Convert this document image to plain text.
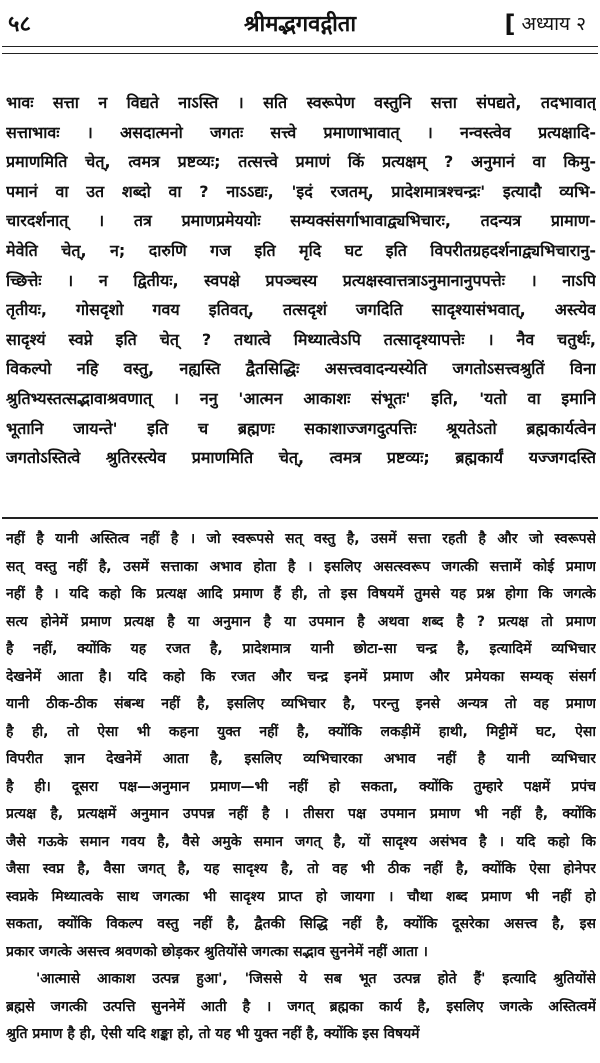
५८	श्रीमद्भगवद्गीता	[ अध्याय २
भावः सत्ता न विद्यते नाऽस्ति । सति स्वरूपेण वस्तुनि सत्ता संपद्यते, तदभावात्
सत्ताभावः । असदात्मनो जगतः सत्त्वे प्रमाणाभावात् । नन्वस्त्वेव प्रत्यक्षादि-
प्रमाणमिति चेत्, त्वमत्र प्रष्टव्यः; तत्सत्त्वे प्रमाणं किं प्रत्यक्षम् ? अनुमानं वा किमु-
पमानं वा उत शब्दो वा ? नाऽऽद्यः, 'इदं रजतम्, प्रादेशमात्रश्चन्द्रः' इत्यादौ व्यभि-
चारदर्शनात् । तत्र प्रमाणप्रमेययोः सम्यक्संसर्गाभावाद्व्यभिचारः, तदन्यत्र प्रामाण-
मेवेति चेत्, न; दारुणि गज इति मृदि घट इति विपरीतग्रहदर्शनाद्व्यभिचारानु-
च्छित्तेः । न द्वितीयः, स्वपक्षे प्रपञ्चस्य प्रत्यक्षस्वात्तत्राऽनुमानानुपपत्तेः । नाऽपि
तृतीयः, गोसदृशो गवय इतिवत्, तत्सदृशं जगदिति सादृश्यासंभवात्, अस्त्येव
सादृश्यं स्वप्ने इति चेत् ? तथात्वे मिथ्यात्वेऽपि तत्सादृश्यापत्तेः । नैव चतुर्थः,
विकल्पो नहि वस्तु, नह्यस्ति द्वैतसिद्धिः असत्त्ववादन्यस्येति जगतोऽसत्त्वश्रुतिं विना
श्रुतिभ्यस्तत्सद्भावाश्रवणात् । ननु 'आत्मन आकाशः संभूतः' इति, 'यतो वा इमानि
भूतानि जायन्ते' इति च ब्रह्मणः सकाशाज्जगदुत्पत्तिः श्रूयतेऽतो ब्रह्मकार्यत्वेन
जगतोऽस्तित्वे श्रुतिरस्त्येव प्रमाणमिति चेत्, त्वमत्र प्रष्टव्यः; ब्रह्मकार्यं यज्जगदस्ति
नहीं है यानी अस्तित्व नहीं है । जो स्वरूपसे सत् वस्तु है, उसमें सत्ता रहती है और जो स्वरूपसे
सत् वस्तु नहीं है, उसमें सत्ताका अभाव होता है । इसलिए असत्स्वरूप जगत्की सत्तामें कोई प्रमाण
नहीं है । यदि कहो कि प्रत्यक्ष आदि प्रमाण हैं ही, तो इस विषयमें तुमसे यह प्रश्न होगा कि जगत्के
सत्य होनेमें प्रमाण प्रत्यक्ष है या अनुमान है या उपमान है अथवा शब्द है ? प्रत्यक्ष तो प्रमाण
है नहीं, क्योंकि यह रजत है, प्रादेशमात्र यानी छोटा-सा चन्द्र है, इत्यादिमें व्यभिचार
देखनेमें आता है। यदि कहो कि रजत और चन्द्र इनमें प्रमाण और प्रमेयका सम्यक् संसर्ग
यानी ठीक-ठीक संबन्ध नहीं है, इसलिए व्यभिचार है, परन्तु इनसे अन्यत्र तो वह प्रमाण
है ही, तो ऐसा भी कहना युक्त नहीं है, क्योंकि लकड़ीमें हाथी, मिट्टीमें घट, ऐसा
विपरीत ज्ञान देखनेमें आता है, इसलिए व्यभिचारका अभाव नहीं है यानी व्यभिचार
है ही। दूसरा पक्ष—अनुमान प्रमाण—भी नहीं हो सकता, क्योंकि तुम्हारे पक्षमें प्रपंच
प्रत्यक्ष है, प्रत्यक्षमें अनुमान उपपन्न नहीं है । तीसरा पक्ष उपमान प्रमाण भी नहीं है, क्योंकि
जैसे गऊके समान गवय है, वैसे अमुके समान जगत् है, यों सादृश्य असंभव है । यदि कहो कि
जैसा स्वप्न है, वैसा जगत् है, यह सादृश्य है, तो वह भी ठीक नहीं है, क्योंकि ऐसा होनेपर
स्वप्नके मिथ्यात्वके साथ जगत्का भी सादृश्य प्राप्त हो जायगा । चौथा शब्द प्रमाण भी नहीं हो
सकता, क्योंकि विकल्प वस्तु नहीं है, द्वैतकी सिद्धि नहीं है, क्योंकि दूसरेका असत्त्व है, इस
प्रकार जगत्के असत्त्व श्रवणको छोड़कर श्रुतियोंसे जगत्का सद्भाव सुननेमें नहीं आता ।
'आत्मासे आकाश उत्पन्न हुआ', 'जिससे ये सब भूत उत्पन्न होते हैं' इत्यादि श्रुतियोंसे
ब्रह्मसे जगत्की उत्पत्ति सुननेमें आती है । जगत् ब्रह्मका कार्य है, इसलिए जगत्के अस्तित्वमें
श्रुति प्रमाण है ही, ऐसी यदि शङ्का हो, तो यह भी युक्त नहीं है, क्योंकि इस विषयमें
